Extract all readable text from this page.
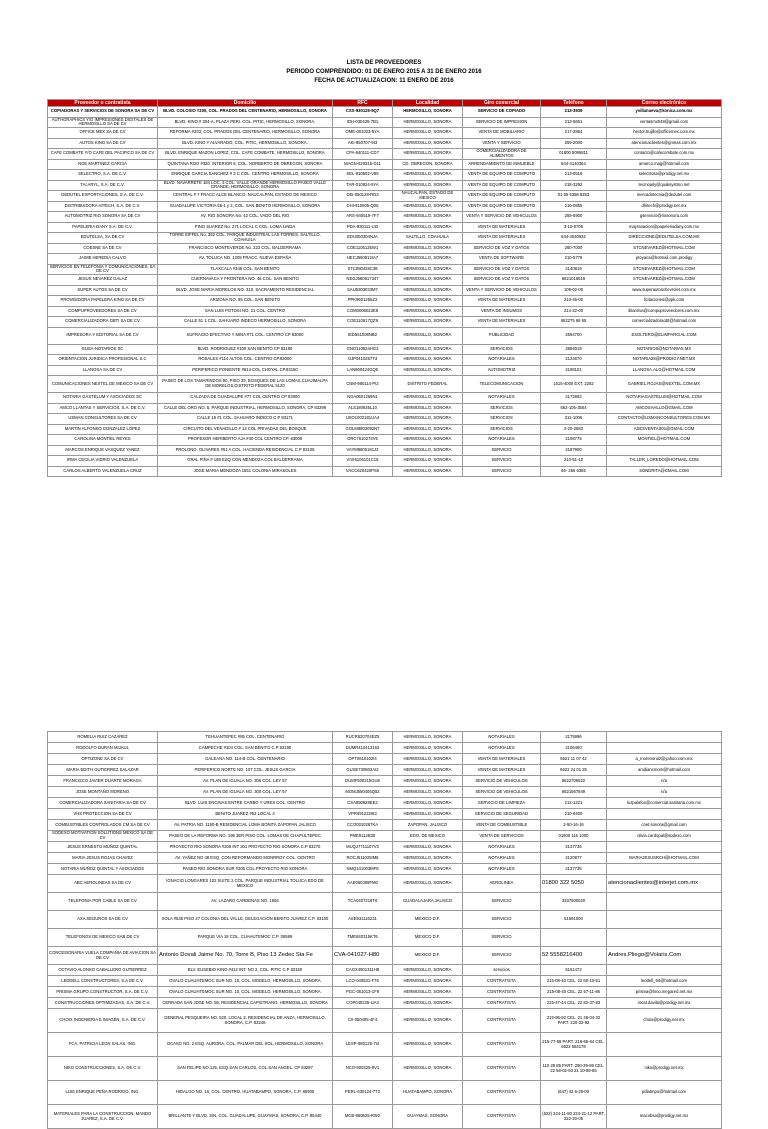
LISTA DE PROVEEDORES
PERIODO COMPRENDIDO: 01 DE ENERO 2015 A 31 DE ENERO 2016
FECHA DE ACTUALIZACION: 11 ENERO DE 2016
Proveedor o contratista	Domicilio	RFC	Localidad	Giro comercial	Teléfono	Correo electrónico
COPIADORAS Y SERVICIOS DE SONORA SA DE CV	BLVD. COLOSIO #200, COL. PRADOS DEL CENTENARIO, HERMOSILLO, SONORA	CSS-930125-9Q7	HERMOSILLO, SONORA	SERVICIO DE COPIADO	213-3939	yvillanueva@konica.com.mx
AUTHGRAPHICS Y/O IMPRESIONES DIGITALES DE HERMOSILLO SA DE CV	BLVD. KINO # 304-A, PLAZA PERI. COL. PITIC, HERMOSILLO, SONORA.	IDH-030426-7B1	HERMOSILLO, SONORA	SERVICIO DE IMPRESION	213-5651	ventasmx048@gmail.com
OFFICE MEX SA DE CV	REFORMA #333, COL. PRADOS DEL CENTENARIO, HERMOSILLO, SONORA	OME-001023-5YA	HERMOSILLO, SONORA	VENTA DE MOBILIARIO	217-2864	hector.trujillo@officemex.com.mx
AUTOS KINO SA DE CV	BLVD. KINO Y ALVARADO, COL. PITIC, HERMOSILLO, SONORA.	AKI-850707-9I3	HERMOSILLO, SONORA	VENTA Y SERVICIO	259-2000	atencionaclientes@gnmas.com.mx
CAFE COMBATE Y/O CAFE DEL PACIFICO SA DE CV	BLVD. ENRIQUE MAZON LOPEZ, COL. CAFE COMBATE, HERMOSILLO, SONORA	CPA-840111-CD7	HERMOSILLO, SONORA	COMERCIALIZADORA DE ALIMENTOS	01800 5095811	contacto@cafecombate.com.mx
NOE MARTINEZ GARCIA	QUINTANA ROO #320. INTERIOR 8. COL. NORBERTO DE OBREGON, SONORA	MAGN-620315-D11	CD. OBREGON, SONORA	ARRENDAMIENTO DE INMUEBLE	644-4140364	amarco.mag@hotmail.com
SELECTRO, S.A. DE C.V.	ENRIQUE GARCIA SANCHEZ # 3 C COL. CENTRO HERMOSILLO, SONORA	SEL-910502-V89	HERMOSILLO, SONORA	VENTA DE EQUIPO DE COMPUTO	213-0516	selectrosa@prodigy.net.mx
TAI ARYL, S.A. DE C.V.	BLVD. NAVARRETE 184 LOC. 3 COL. VALLE GRANDE HERMOSILLO PASEO VALLE GRANDE, HERMOSILLO, SONORA	TAR-010824-5YA	HERMOSILLO, SONORA	VENTA DE EQUIPO DE COMPUTO	218-3292	tecmoaily@qualisystmo.net
DEDUTEL EXPORTACIONES, S.A. DE C.V.	CENTRAL # 7 FRACC ALCE BLANCO, NAUCALPAN, ESTADO DE MEXICO	DEI-050128-RD3	NAUCALPAN, ESTADO DE MEXICO	VENTA DE EQUIPO DE COMPUTO	01 55 5358 8253	mercadotecnia@dedutel.com
DISTRIBUIDORA HITECH, S.A. DE C.V.	GUADALUPE VICTORIA 55-1 y 2, COL. SAN BENITO HERMOSILLO, SONORA	DHI-910605-Q05	HERMOSILLO, SONORA	VENTA DE EQUIPO DE COMPUTO	210-0855	dhitech@prodigy.net.mx
AUTOMOTRIZ RIO SONORA SA DE CV	AV. RIO SONORA No. 42 COL. VADO DEL RIO	ARS-940519-7F7	HERMOSILLO, SONORA	VENTA Y SERVICIO DE VEHICULOS	259-5900	gsenvicio@riosonora.com
PAPELERIA DANY S.A. DE C.V.	PINO SUAREZ No. 271 LOCAL C COL. LOMA LINDA	PDA-930111-UI3	HERMOSILLO, SONORA	VENTA DE MATERIALES	3-10-0706	mayranacion@papeleriadany.com.mx
EDUTELSA, SA DE CV	TORRE EIFFEL No. 352 COL. PARQUE INDUSTRIAL LAS TORRES, SALTILLO, COAHUILA	EDU050304NJA	SALTILLO, COAHUILA	VENTA DE MATERIALES	844-4040932	DIRECCIONE@EDUTELSA.COM.MX
COESNE SA DE CV	FRANCISCO MONTEVERDE No. 223 COL. BALDERRAMA	COE1105125W1	HERMOSILLO, SONORA	SERVICIO DE VOZ Y DATOS	260-7000	STCNEVAREZ@HOTMAIL.COM
JAIME HEREDIA CALVO	AV. TOLUCA NO. 1209 FRACC. NUEVA ESPAÑA	HECJ560812IA7	HERMOSILLO, SONORA	VENTA DE SOFTWARE	210-5778	proyaca@hotmail.com.prodigy
SERVICIOS EN TELEFONIA Y COMUNICACIONES, SA DE CV	TLAXCALA #346 COL. SAN BENITO	STC080428C38	HERMOSILLO, SONORA	SERVICIO DE VOZ Y DATOS	2140819	STCNEVAREZ@HOTMAIL.COM
JESUS NEVAREZ GALAZ	CUERNAVACA Y FRONTERA NO. 46 COL. SAN BENITO	NEGJ580617347	HERMOSILLO, SONORA	SERVICIO DE VOZ Y DATOS	6621016519	STCNEVAREZ@HOTMAIL.COM
SUPER AUTOS SA DE CV	BLVD. JOSE MARIA MORELOS NO. 310, SACRAMENTO RESIDENCIAL	SAU5203033M7	HERMOSILLO, SONORA	VENTA Y SERVICIO DE VEHICULOS	109-02-00	www.superautoschevrolet.com.mx
PROVEEDORA PAPELERA KINO SA DE CV	ARIZONA NO. 85 COL. SAN BENITO	PPK9601255Z2	HERMOSILLO, SONORA	VENTA DE MATERIALES	210-46-00	licitaciones@ppk.com
COMPUPROVEEDORES SA DE CV	SAN LUIS POTOSI NO. 21 COL. CENTRO	COM0006023E8	HERMOSILLO, SONORA	VENTA DE INSUMOS	214-22-00	lilianriva@compuproveedores.com.mx
COMERCIALIZADORA OBTI SA DE CV	CALLE 51 1 COL. SAHUARO INDECO HERMOSILLO, SONORA	COE110617QZ9	HERMOSILLO, SONORA	VENTA DE MATERIALES	662275 68 65	comercializadoraobt@hotmail.com
IMPRESORA Y EDITORIAL SA DE CV	SUFRAGIO EFECTIVO Y MINA #71 COL. CENTRO CP 83000	IED551008NB2	HERMOSILLO, SONORA	PUBLICIDAD	2594700	ESOLTERO@ELIMPARCIAL.COM
GUSA-NOTARIOS SC	BLVD. RODRIGUEZ #100 SAN BENITO CP 83190	GNO110824HG3	HERMOSILLO, SONORA	SERVICIOS	2854019	NOTARIOS@NOTARIAS.MX
ORIENTACION JURIDICA PROFESIONAL S.C	ROSALES #114 ALTOS COL. CENTRO CP.83000	OJP0410267T3	HERMOSILLO, SONORA	NOTARIALES	2124670	NOTARIA28@PRODIGY.NET.MX
LLANOSA SA DE CV	PERIFERICO PONIENTE #614 COL CHOYAL CP.83150	LAN960424GQ5	HERMOSILLO, SONORA	AUTOMOTRIZ	2188101	LLANOSA.ALG@HOTMAIL.COM
COMUNICACIONES NEXTEL DE MEXICO SA DE CV	PASEO DE LOS TAMARINDOS 90, PISO 29, BOSQUES DE LAS LOMAS,CUAJIMALPA DE MORELOS,DISTRITO FEDERAL 5120	CNM-980114-PI2	DISTRITO FEDERAL	TELECOMUNICACION	1515-4000 EXT. 2282	GABRIEL.ROJAS@NEXTEL.COM.MX
NOTARIA GASTELUM Y ASOCIADOS SC	CALZADA DE GUADALUPE #77 COL CENTRO CP 83000	NGA0501269N1	HERMOSILLO, SONORA	NOTARIALES	2172892	NOTARIAGASTELUM@HOTMAIL.COM
AMCO LLANTAS Y SERVICIOS, S.A. DE C.V.	CALLE DEL ORO NO. 5, PARQUE INDUSTRIAL, HERMOSILLO, SONORA, CP 83299	ALS180926L10	HERMOSILLO, SONORA	SERVICIOS	662-105-3504	AMCOSAHLLO@GMAIL.COM
USMAN CONSULTORES SA DE CV	CALLE 15 #1 COL. SAHUARO INDECO C.P 83171	USO1002181UA4	HERMOSILLO, SONORA	SERVICIOS	311-1006	CONTACTO@USMANCONSULTORES.COM.MX
MARTIN ALFONSO GONZALEZ LOPEZ	CIRCUITO DEL VENADILLO # 14 COL PRIVADAS DEL BOSQUE	GOLM8802092N7	HERMOSILLO, SONORA	SERVICIOS	2-20-2583	ASESVENTAS01@GMAIL.COM
CAROLINA MONTIEL REYES	PROFESOR HERIBERTO AJA #40 COL CENTRO CP. 83000	ORC7610274V5	HERMOSILLO, SONORA	NOTARIALES	2108775	MONTIEL@HOTMAIL.COM
MARCOS ENRIQUE VASQUEZ YANEZ	PROLONG. OLIVARES #51 A COL. HACIENDA RESIDENCIAL C.P 83105	VAYM8805181J3	HERMOSILLO, SONORA	SERVICIO	2187900	
IRMA CECILIA VIDRIO VALENZUELA	GRAL PIÑA # 168 ESQ CON MENDOZA COL BALDERRAMA	VIVI6106101C16	HERMOSILLO, SONORA	SERVICIO	210-51-10	TALLER_LOREDO@HOTMAIL.COM
CARLOS ALBERTO VALENZUELA CRUZ	JOSE MARIA MENDOZA 1551 COLONIA MIRASOLES	VACC620420PS6	HERMOSILLO, SONORA	SERVICIO	66- 255 6385	SONDRITA@GMAIL.COM
ROMELIA RUIZ CAZAREZ	TEHUANTEPEC #85 COL. CENTENARIO	RUCR620704EZ5	HERMOSILLO, SONORA	NOTARIALES	2175996	
RODOLFO DURAN MIJAUL	CAMPECHE #104 COL. SAN BENITO C.P 83190	DUMR410413153	HERMOSILLO, SONORA	NOTARIALES	2106460	
OPTIZONE SA DE CV	GALEANA NO. 114-B COL. CENTENARIO	OPT0810102I4	HERMOSILLO, SONORA	VENTA DE MATERIALES	6621 11 07 42	a_morenoruiz@yahoo.com.mx
MARIA EDITH GUTIERREZ SALAZAR	PERIFERICO NORTE NO. 107 COL. JESUS GARCIA	GUSE730803AI2	HERMOSILLO, SONORA	VENTA DE MATERIALES	6622 24 01 25	amdiancmom@hotmail.com
FRANCISCO JAVIER DUARTE MORAGA	AV. PLAN DE IGUALA NO. 306 COL. LEY 57	DUMF500215GU8	HERMOSILLO, SONORA	SERVICIO DE VEHICULOS	6622706522	n/a
JOSE MONTAÑO MORENO	AV. PLAN DE IGUALA NO. 300 COL. LEY 57	MOMJ550405Q52	HERMOSILLO, SONORA	SERVICIO DE VEHICULOS	6621567849	n/a
COMERCIALIZADORA SANITARIA SA DE CV	BLVD. LUIS ENCINAS ENTRE CARBO Y URES COL. CENTRO	CSA850828EE2	HERMOSILLO, SONORA	SERVICIO DE LIMPIEZA	212-1221	luzpalafox@comercial.sanitaria.com.mx
VHS PROTECCION SA DE CV	BENITO JUAREZ #52 LOCAL 4	VPR091222I63	HERMOSILLO, SONORA	SERVICIO DE SEGURIDAD	210-9400	
COMBUSTIBLES CONTROLADOS CM SA DE CV	AV. PATRIA NO. 1150-B RESIDENCIAL LOMA BONITA ZAPOPAN JALISCO	CCO0310267KA	ZAPOPAN, JALISCO	VENTA DE COMBUSTIBLE	2-50-16-16	cnet.sonora@gmail.com
SODEXO MOTIVATION SOLUTIONS MEXICO SA DE CV	PASEO DE LA REFORMA NO. 195 3ER PISO COL. LOMAS DE CHAPULTEPEC	PME9112B30	EDO. DE MEXICO	VENTA DE SERVICIOS	01800 116 1000	olivia.cardopal@sodexo.com
JESUS ERNESTO MUÑOZ QUINTAL	PROYECTO RIO SONORA #205 INT 201 PROYECTO RIO SONORA C.P 83270	MUQJ7711107V3	HERMOSILLO, SONORA	NOTARIALES	2137736	
MARIA JESUS ROJAS CHAVEZ	AV. YAÑEZ NO 48 ESQ. CON REFORMANDO MONRROY COL. CENTRO	ROCJ511025IM6	HERMOSILLO, SONORA	NOTARIALES	2120877	MARIAJESUSRCH@HOTMAIL.COM
NOTARIA MUÑOZ QUINTAL Y ASOCIADOS	PASEO RIO SONORA SUR #205 COL.PROYECTO RIO SONORA	NMQ141003MF5	HERMOSILLO, SONORA	NOTARIALES	2137735	
ABC AEROLINEAS SA DE CV	IGNACIO LONGARES 102 SUITE 2 COL. PARQUE INDUSTRIAL TOLUCA EDO DE MEXICO	AAE050309FM0	HERMOSILLO, SONORA	AEROLINEA	01800 322 5050	atencionaclientes@interjet.com.mx
TELEFONIA POR CABLE SA DE CV	AV. LAZARO CARDENAS NO. 1694	TCA0407219T6	GUADALAJARA JALISCO	SERVICIO	3337500020	
AXA SEGUROS SA DE CV	XOLA #535 PISO 27 COLONIA DEL VALLE, DELEGACION BENITO JUAREZ C.P. 03100	ASE931116231	MEXICO D.F.	SERVICIO	51691000	
TELEFONOS DE MEXICO SAB DE CV	PARQUE VIA 18 COL. CUAHUTEMOC C.P. 06599	TME840315KT6	MEXICO D.F.	SERVICIO		
CONCESIONARIA VUELA COMPAÑIA DE AVIACION SA DE CV	Antonio Dovali Jaime No. 70, Torre B, Piso 13 Zedec Sta Fe	CVA-041027-H80	MEXICO D.F.	SERVICIO	52 5558216400	Andres.Pliego@Volaris.Com
OCTAVIO ALONSO CABALLERO GUTIERREZ	BLV. EUSEBIO KINO #412 INT. NO 2, COL. PITIC C.P 83150	CAGX4901311H8	HERMOSILLO, SONORA	servicios	5151472	
LEDDELL CONSTRUCTORES, S.A DE C.V.	OVALO CUAUHTEMOC SUR NO. 10, COL. MODELO, HERMOSILLO, SONORA	LCO-040531-F76	HERMOSILLO, SONORA	CONTRATISTA	215-08-40 CEL. 22 60-10-51	leodell_94@hotmail.com
PRISMA GRUPO CONSTRUCTOR, S.A. DE C.V.	OVALO CUAUHTEMOC SUR NO. 10, COL. MODELO, HERMOSILLO, SONORA	PGC-051013-1F9	HERMOSILLO, SONORA	CONTRATISTA	215-08-40 CEL. 22 57-11-86	prisma@hmo.megared.net.mx
CONSTRUCCIONES OPTIMIZADAS, S.A. DE C.V.	CERRADA SAN JOSE NO. 56, RESIDENCIAL CAPISTRANO, HERMOSILLO, SONORA	COP040225-UA3	HERMOSILLO, SONORA	CONTRATISTA	215-47-44 CEL. 22 82-37-83	rocar.davila@prodigy.net.mx
CHOIX INGENIERIA E IMAGEN, S.A. DE C.V.	GENERAL PESQUEIRA NO. 520, LOCAL 3, RESIDENCIAL DE ANZA, HERMOSILLO, SONORA, C.P. 83248	CII-050405-4F4	HERMOSILLO, SONORA	CONTRATISTA	215-95-92 CEL. 21 48-04-32 PART. 220-32-92	choix@prodigy.net.mx
FCA. PATRICIA LEON SALAS, ING.	OCASO NO. 2 ESQ. AURORA, COL. PALMAR DEL SOL, HERMOSILLO, SONORA	LESP-580125-7I4	HERMOSILLO, SONORA	CONTRATISTA	215-77-58 PART. 216-65-64 CEL. 6622 584178	
NIKO CONSTRUCCIONES, S.A. DE C.V.	SAN FELIPE NO.125, ESQ.SAN CARLOS, COL.SAN ANGEL, CP 83287	NCO-900325-9V1	HERMOSILLO, SONORA	CONTRATISTA	110 29 85 PART. 250-39-69 CEL. 22 56-02-93 21 10-89-85	niko@prodigy.net.mx
LUIS ENRIQUE PEÑA RODRIGO, ING.	HIDALGO NO. 16, COL. CENTRO, HUATABAMPO, SONORA, C.P. 85900	PERL-630124-7T3	HUATABAMPO, SONORA	CONTRATISTA	(647) 42 6-25-00	pdlatmpo@hotmail.com
MATERIALES PARA LA CONSTRUCCION, MANDO JUAREZ, S.A. DE C.V.	BRILLANTE Y BLVD. S/N, COL. GUADALUPE, GUAYMAS, SONORA, C.P. 85440	MCB-960525-RW2	GUAYMAS, SONORA	CONTRATISTA	(622) 224-11-80 224-21-12 PART. 222-20-05	macobsa@prodigy.net.mx
